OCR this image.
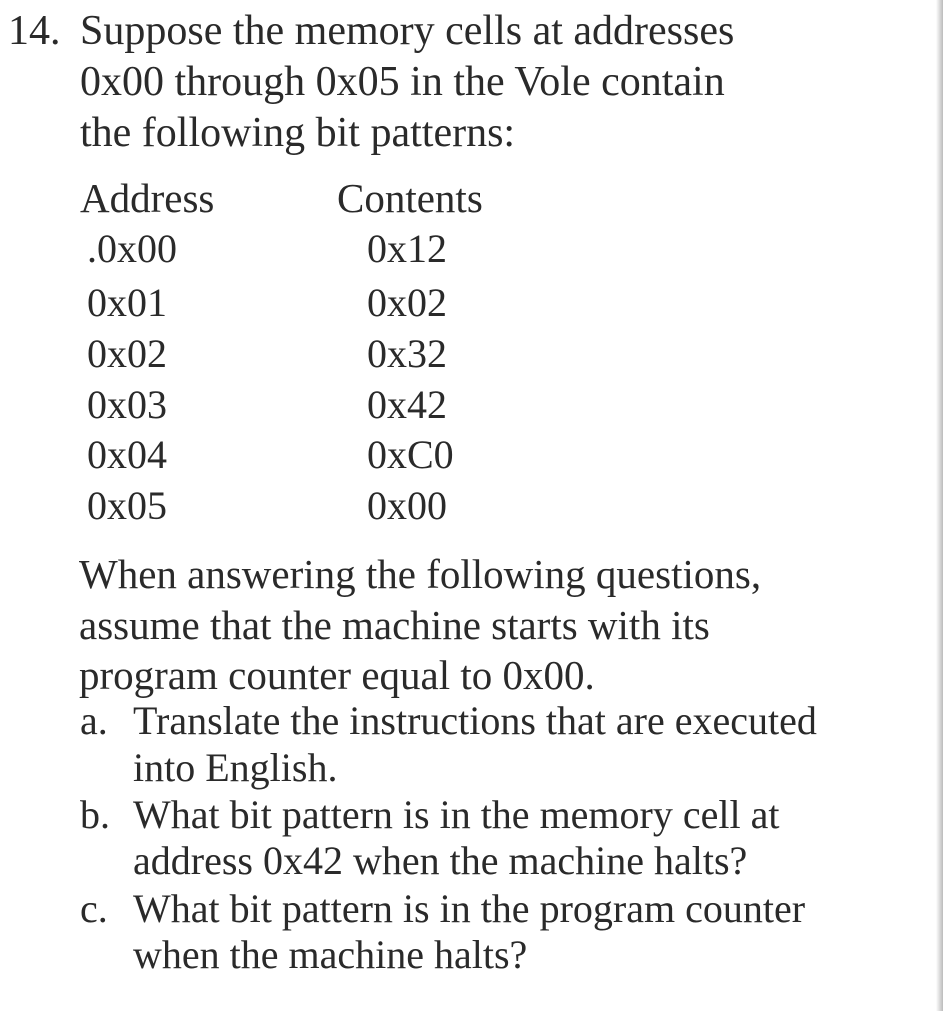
14. Suppose the memory cells at addresses
0x00 through 0x05 in the Vole contain
the following bit patterns:
Address	Contents
.0x00	0x12
0x01	0x02
0x02	0x32
0x03	0x42
0x04	0xC0
0x05	0x00
When answering the following questions,
assume that the machine starts with its
program counter equal to 0x00.
a. Translate the instructions that are executed
into English.
b. What bit pattern is in the memory cell at
address 0x42 when the machine halts?
c. What bit pattern is in the program counter
when the machine halts?
